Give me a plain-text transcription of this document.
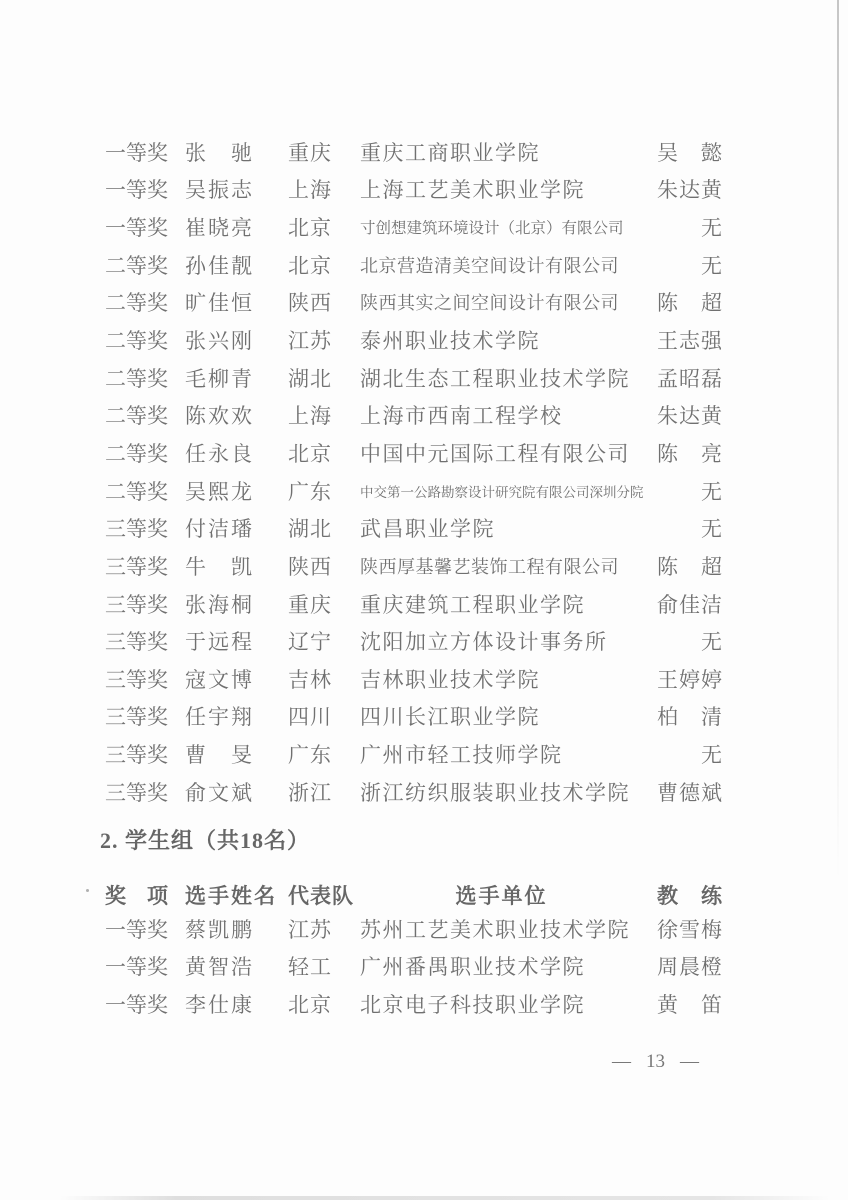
一等奖 张　驰	重庆	重庆工商职业学院	吴　懿
一等奖 吴振志	上海	上海工艺美术职业学院	朱达黄
一等奖 崔晓亮	北京	寸创想建筑环境设计（北京）有限公司	无
二等奖 孙佳靓	北京	北京营造清美空间设计有限公司	无
二等奖 旷佳恒	陕西	陕西其实之间空间设计有限公司	陈　超
二等奖 张兴刚	江苏	泰州职业技术学院	王志强
二等奖 毛柳青	湖北	湖北生态工程职业技术学院	孟昭磊
二等奖 陈欢欢	上海	上海市西南工程学校	朱达黄
二等奖 任永良	北京	中国中元国际工程有限公司	陈　亮
二等奖 吴熙龙	广东	中交第一公路勘察设计研究院有限公司深圳分院	无
三等奖 付洁璠	湖北	武昌职业学院	无
三等奖 牛　凯	陕西	陕西厚基馨艺装饰工程有限公司	陈　超
三等奖 张海桐	重庆	重庆建筑工程职业学院	俞佳洁
三等奖 于远程	辽宁	沈阳加立方体设计事务所	无
三等奖 寇文博	吉林	吉林职业技术学院	王婷婷
三等奖 任宇翔	四川	四川长江职业学院	柏　清
三等奖 曹　旻	广东	广州市轻工技师学院	无
三等奖 俞文斌	浙江	浙江纺织服装职业技术学院	曹德斌
2. 学生组（共18名）
奖　项 选手姓名 代表队	选手单位	教　练
一等奖 蔡凯鹏	江苏	苏州工艺美术职业技术学院	徐雪梅
一等奖 黄智浩	轻工	广州番禺职业技术学院	周晨橙
一等奖 李仕康	北京	北京电子科技职业学院	黄　笛
— 13 —
